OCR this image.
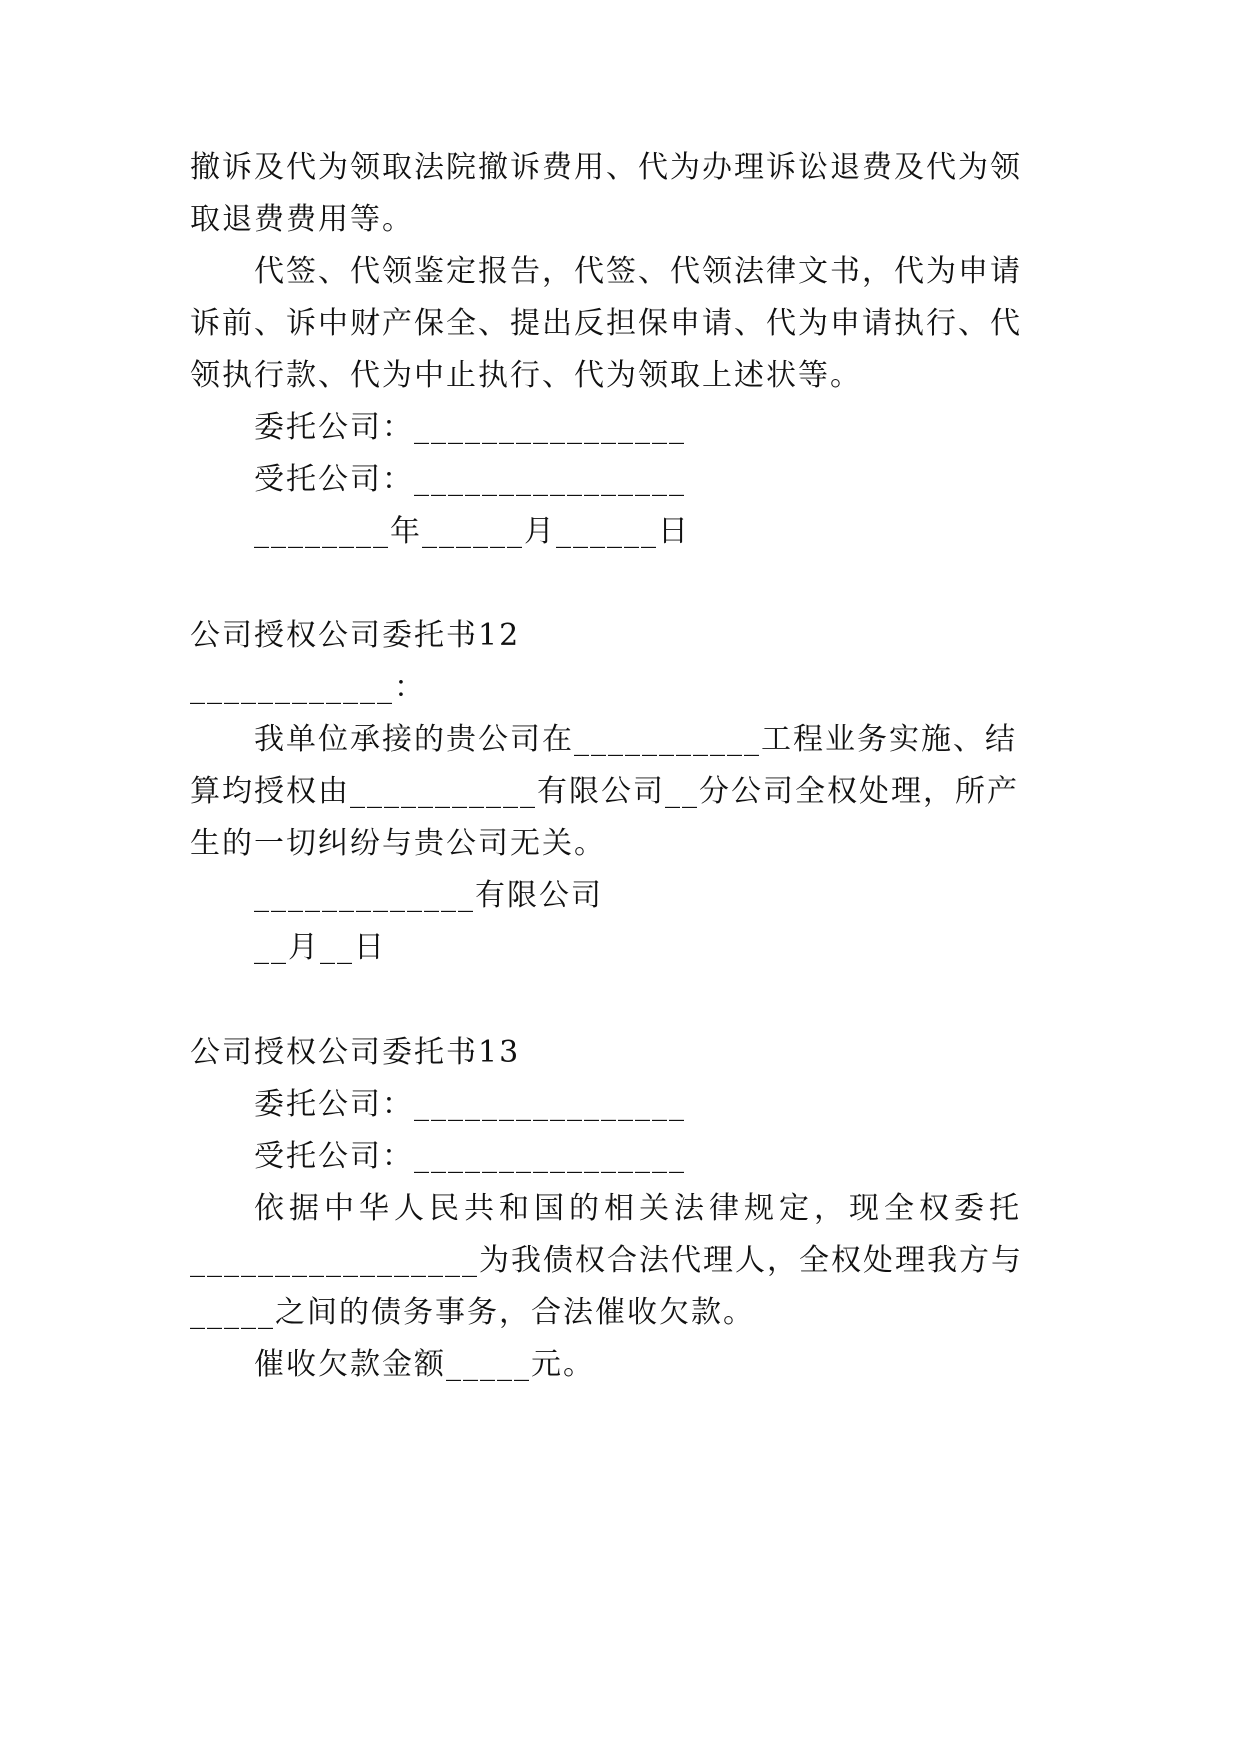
撤诉及代为领取法院撤诉费用、代为办理诉讼退费及代为领
取退费费用等。
代签、代领鉴定报告，代签、代领法律文书，代为申请
诉前、诉中财产保全、提出反担保申请、代为申请执行、代
领执行款、代为中止执行、代为领取上述状等。
委托公司：________________
受托公司：________________
________年______月______日
公司授权公司委托书12
____________：
我单位承接的贵公司在___________工程业务实施、结
算均授权由___________有限公司__分公司全权处理，所产
生的一切纠纷与贵公司无关。
_____________有限公司
__月__日
公司授权公司委托书13
委托公司：________________
受托公司：________________
依据中华人民共和国的相关法律规定，现全权委托
_________________为我债权合法代理人，全权处理我方与
_____之间的债务事务，合法催收欠款。
催收欠款金额_____元。
